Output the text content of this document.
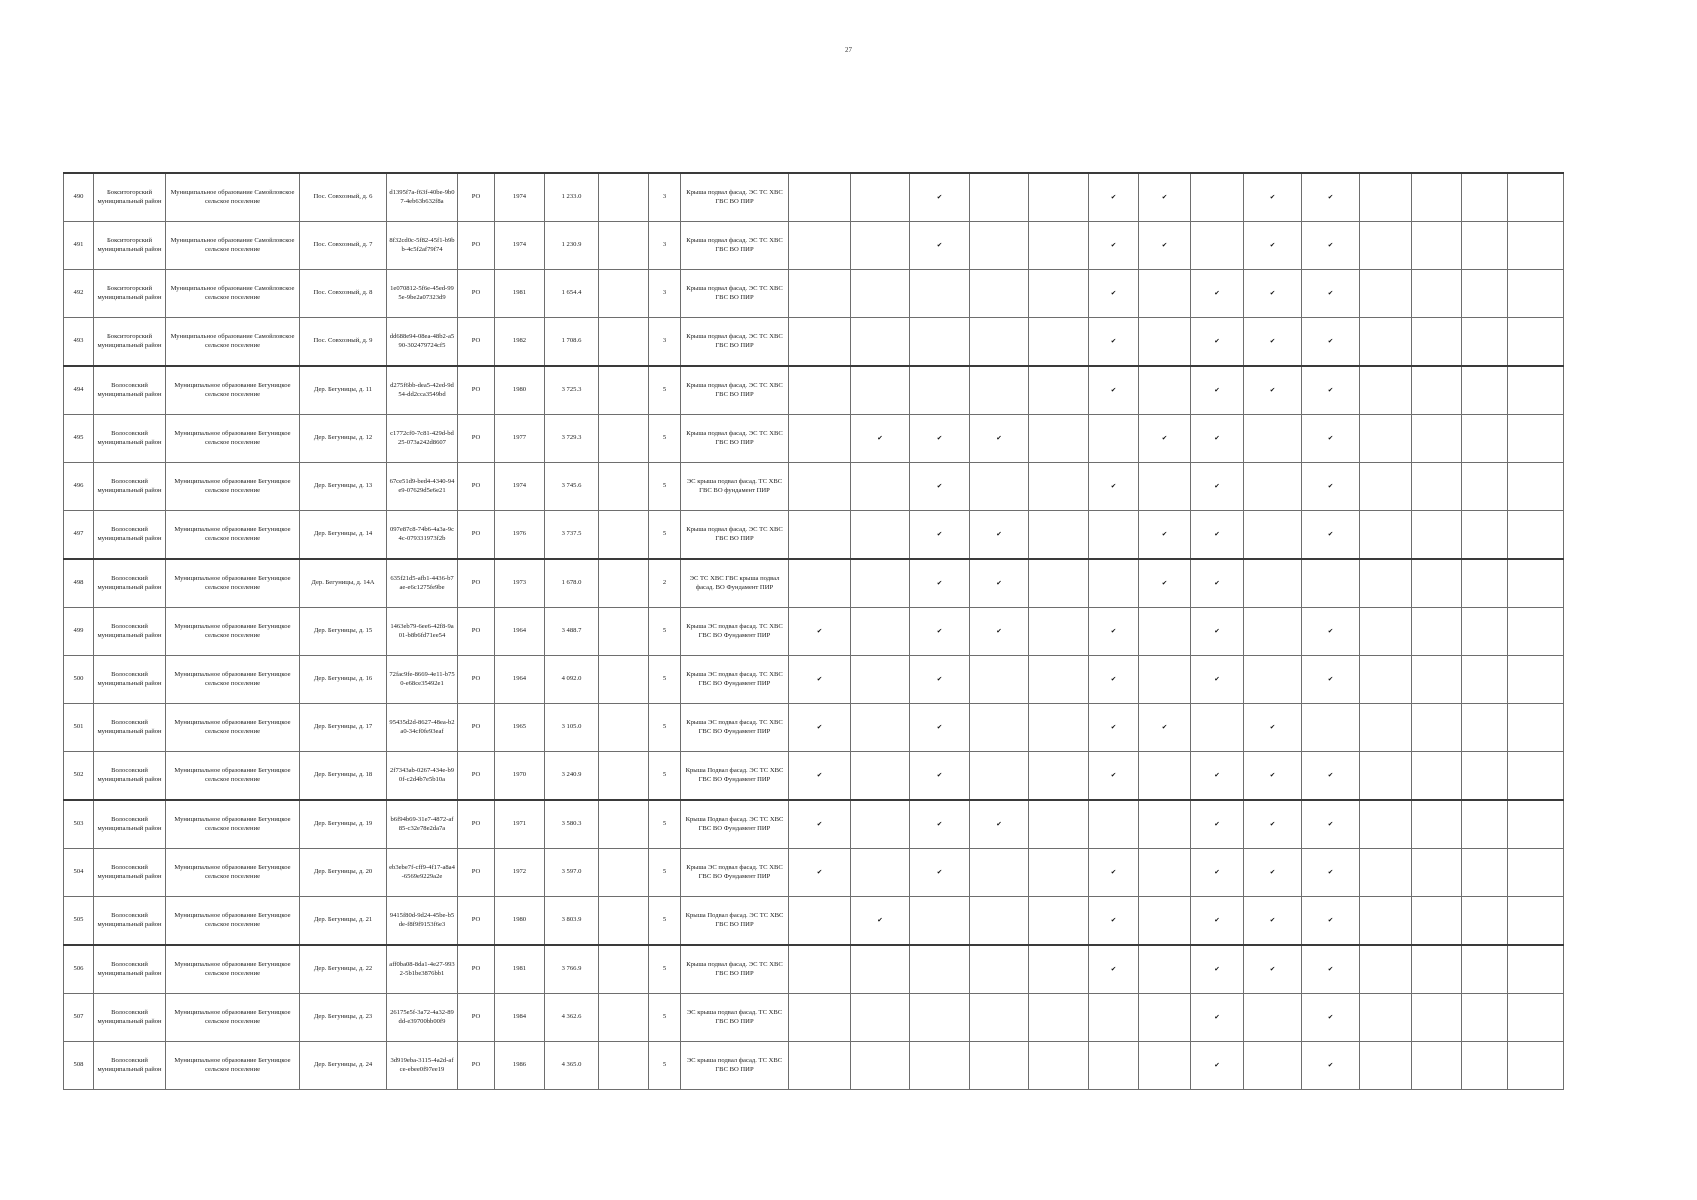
27
490	Бокситогорский муниципальный район	Муниципальное образование Самойловское сельское поселение	Пос. Совхозный, д. 6	d1395f7a-f63f-40be-9b07-4eb63b632f8a	РО	1974	1 233.0		3	Крыша подвал фасад. ЭС ТС ХВС ГВС ВО ПИР			✔			✔	✔		✔	✔				
491	Бокситогорский муниципальный район	Муниципальное образование Самойловское сельское поселение	Пос. Совхозный, д. 7	8f32cd0c-5f82-45f1-b9bb-4c5f2af79f74	РО	1974	1 230.9		3	Крыша подвал фасад. ЭС ТС ХВС ГВС ВО ПИР			✔			✔	✔		✔	✔				
492	Бокситогорский муниципальный район	Муниципальное образование Самойловское сельское поселение	Пос. Совхозный, д. 8	1e070812-5f6e-45ed-995e-9be2a07323d9	РО	1981	1 654.4		3	Крыша подвал фасад. ЭС ТС ХВС ГВС ВО ПИР						✔		✔	✔	✔				
493	Бокситогорский муниципальный район	Муниципальное образование Самойловское сельское поселение	Пос. Совхозный, д. 9	dd688e94-08ea-48b2-a590-302479724cf5	РО	1982	1 708.6		3	Крыша подвал фасад. ЭС ТС ХВС ГВС ВО ПИР						✔		✔	✔	✔				
494	Волосовский муниципальный район	Муниципальное образование Бегуницкое сельское поселение	Дер. Бегуницы, д. 11	d275f6bb-dea5-42ed-9d54-dd2cca3549bd	РО	1980	3 725.3		5	Крыша подвал фасад. ЭС ТС ХВС ГВС ВО ПИР						✔		✔	✔	✔				
495	Волосовский муниципальный район	Муниципальное образование Бегуницкое сельское поселение	Дер. Бегуницы, д. 12	c1772cf0-7c81-429d-bd25-073a242d8607	РО	1977	3 729.3		5	Крыша подвал фасад. ЭС ТС ХВС ГВС ВО ПИР		✔	✔	✔			✔	✔		✔				
496	Волосовский муниципальный район	Муниципальное образование Бегуницкое сельское поселение	Дер. Бегуницы, д. 13	67ce51d9-bed4-4340-94e9-07629d5e6e21	РО	1974	3 745.6		5	ЭС крыша подвал фасад. ТС ХВС ГВС ВО фундамент ПИР			✔			✔		✔		✔				
497	Волосовский муниципальный район	Муниципальное образование Бегуницкое сельское поселение	Дер. Бегуницы, д. 14	097e87c8-74b6-4a3a-9c4c-079331973f2b	РО	1976	3 737.5		5	Крыша подвал фасад. ЭС ТС ХВС ГВС ВО ПИР			✔	✔			✔	✔		✔				
498	Волосовский муниципальный район	Муниципальное образование Бегуницкое сельское поселение	Дер. Бегуницы, д. 14А	635f21d5-afb1-4436-b7ae-e6c1275fe9be	РО	1973	1 678.0		2	ЭС ТС ХВС ГВС крыша подвал фасад. ВО Фундамент ПИР			✔	✔			✔	✔						
499	Волосовский муниципальный район	Муниципальное образование Бегуницкое сельское поселение	Дер. Бегуницы, д. 15	1463eb79-6ee6-42f8-9a01-b8b6fd71ee54	РО	1964	3 488.7		5	Крыша ЭС подвал фасад. ТС ХВС ГВС ВО Фундамент ПИР	✔		✔	✔		✔		✔		✔				
500	Волосовский муниципальный район	Муниципальное образование Бегуницкое сельское поселение	Дер. Бегуницы, д. 16	72fac9fe-8669-4e11-b750-e68ce35492e1	РО	1964	4 092.0		5	Крыша ЭС подвал фасад. ТС ХВС ГВС ВО Фундамент ПИР	✔		✔			✔		✔		✔				
501	Волосовский муниципальный район	Муниципальное образование Бегуницкое сельское поселение	Дер. Бегуницы, д. 17	95435d2d-8627-48ea-b2a0-34cf0fe93eaf	РО	1965	3 105.0		5	Крыша ЭС подвал фасад. ТС ХВС ГВС ВО Фундамент ПИР	✔		✔			✔	✔		✔					
502	Волосовский муниципальный район	Муниципальное образование Бегуницкое сельское поселение	Дер. Бегуницы, д. 18	2f7343ab-0267-434e-b90f-c2d4b7e5b10a	РО	1970	3 240.9		5	Крыша Подвал фасад. ЭС ТС ХВС ГВС ВО Фундамент ПИР	✔		✔			✔		✔	✔	✔				
503	Волосовский муниципальный район	Муниципальное образование Бегуницкое сельское поселение	Дер. Бегуницы, д. 19	b6f94b69-31e7-4872-af85-c32e78e2da7a	РО	1971	3 580.3		5	Крыша Подвал фасад. ЭС ТС ХВС ГВС ВО Фундамент ПИР	✔		✔	✔				✔	✔	✔				
504	Волосовский муниципальный район	Муниципальное образование Бегуницкое сельское поселение	Дер. Бегуницы, д. 20	eb3ebe7f-cff9-4f17-a8a4-6569e9229a2e	РО	1972	3 597.0		5	Крыша ЭС подвал фасад. ТС ХВС ГВС ВО Фундамент ПИР	✔		✔			✔		✔	✔	✔				
505	Волосовский муниципальный район	Муниципальное образование Бегуницкое сельское поселение	Дер. Бегуницы, д. 21	9415f80d-9d24-45be-b5de-f8f9f9153f6e3	РО	1980	3 803.9		5	Крыша Подвал фасад. ЭС ТС ХВС ГВС ВО ПИР		✔				✔		✔	✔	✔				
506	Волосовский муниципальный район	Муниципальное образование Бегуницкое сельское поселение	Дер. Бегуницы, д. 22	aff0ba08-8da1-4e27-9932-5b1be3876bb1	РО	1981	3 766.9		5	Крыша подвал фасад. ЭС ТС ХВС ГВС ВО ПИР						✔		✔	✔	✔				
507	Волосовский муниципальный район	Муниципальное образование Бегуницкое сельское поселение	Дер. Бегуницы, д. 23	26175e5f-3a72-4a32-89dd-e39700bb00f9	РО	1984	4 362.6		5	ЭС крыша подвал фасад. ТС ХВС ГВС ВО ПИР								✔		✔				
508	Волосовский муниципальный район	Муниципальное образование Бегуницкое сельское поселение	Дер. Бегуницы, д. 24	3d919eba-3115-4a2d-afce-ebee0f97ee19	РО	1986	4 365.0		5	ЭС крыша подвал фасад. ТС ХВС ГВС ВО ПИР								✔		✔				
